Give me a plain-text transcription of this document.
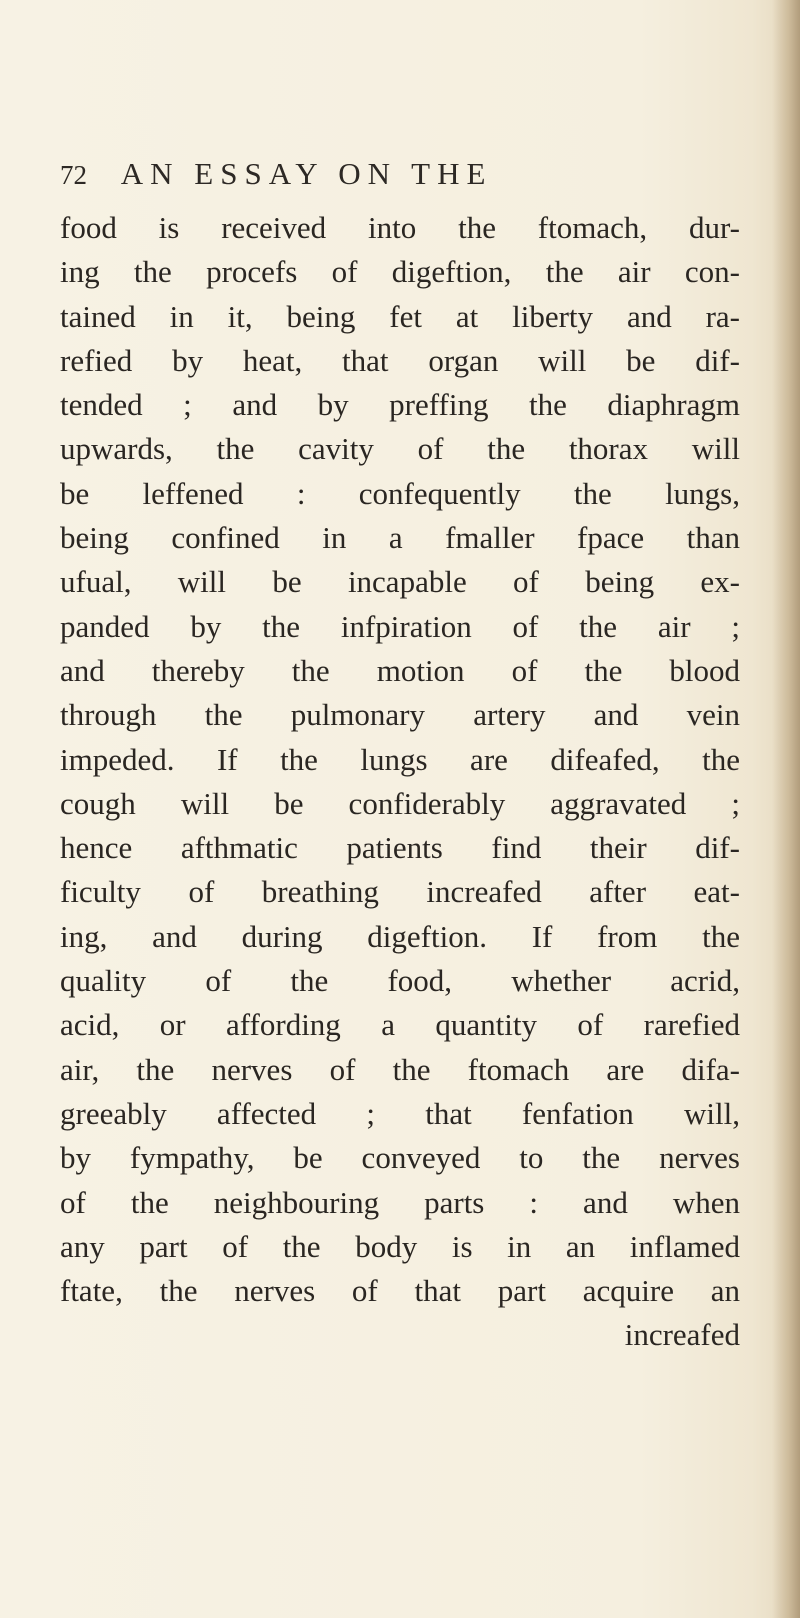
72 AN ESSAY ON THE
food is received into the ftomach, dur-
ing the procefs of digeftion, the air con-
tained in it, being fet at liberty and ra-
refied by heat, that organ will be dif-
tended ; and by preffing the diaphragm
upwards, the cavity of the thorax will
be leffened : confequently the lungs,
being confined in a fmaller fpace than
ufual, will be incapable of being ex-
panded by the infpiration of the air ;
and thereby the motion of the blood
through the pulmonary artery and vein
impeded. If the lungs are difeafed, the
cough will be confiderably aggravated ;
hence afthmatic patients find their dif-
ficulty of breathing increafed after eat-
ing, and during digeftion. If from the
quality of the food, whether acrid,
acid, or affording a quantity of rarefied
air, the nerves of the ftomach are difa-
greeably affected ; that fenfation will,
by fympathy, be conveyed to the nerves
of the neighbouring parts : and when
any part of the body is in an inflamed
ftate, the nerves of that part acquire an
increafed
